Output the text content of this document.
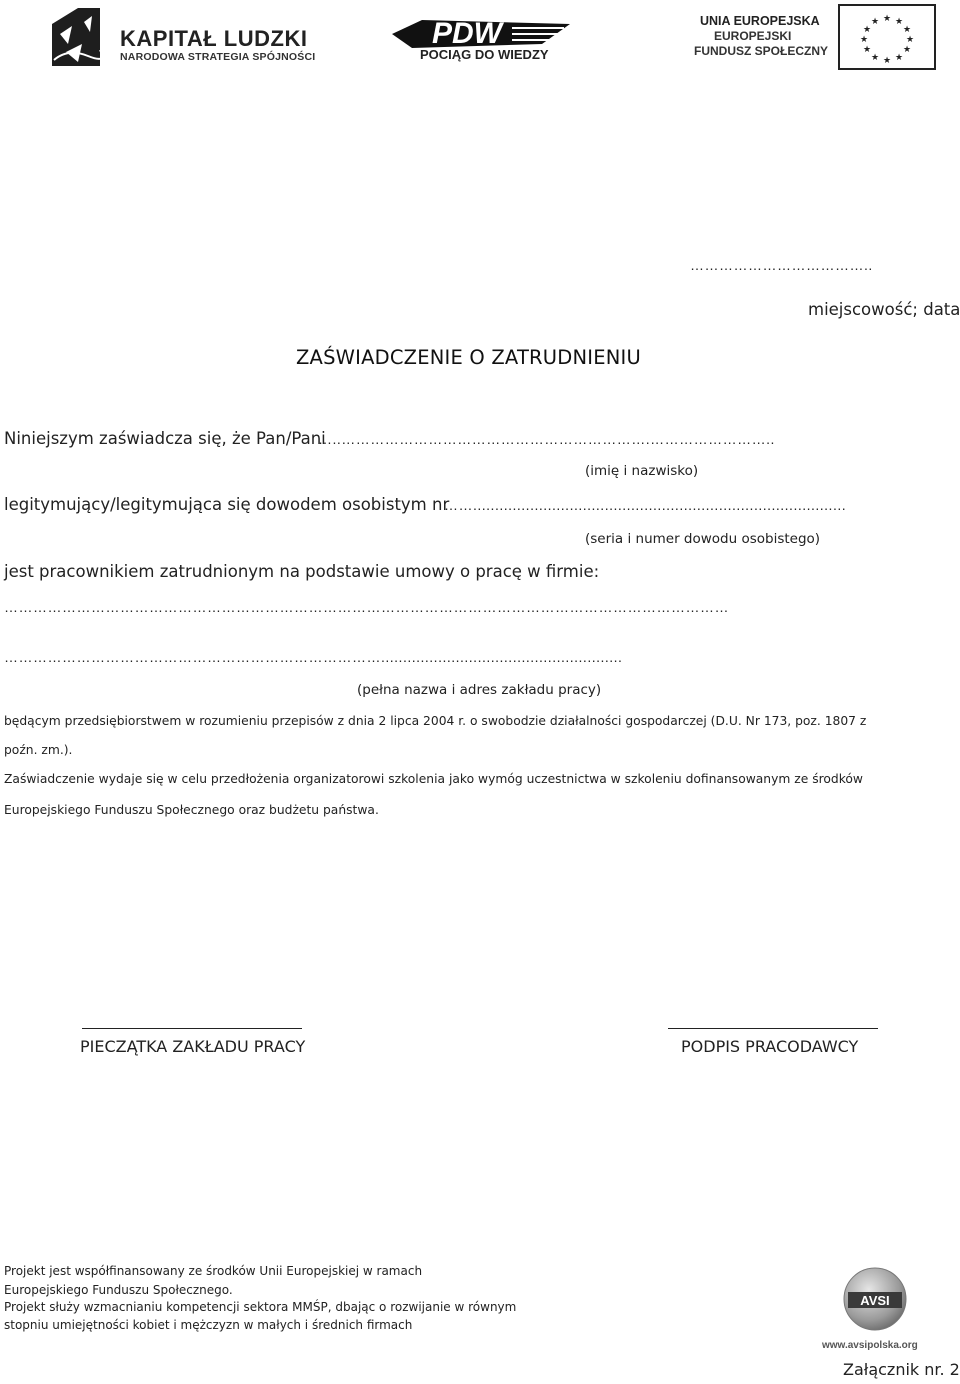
KAPITAŁ LUDZKI
NARODOWA STRATEGIA SPÓJNOŚCI
PDW
POCIĄG DO WIEDZY
UNIA EUROPEJSKA
EUROPEJSKI
FUNDUSZ SPOŁECZNY
★ ★
★
★
★
★
★
★
★
★
★
★
………………………………..
miejscowość; data
ZAŚWIADCZENIE O ZATRUDNIENIU
Niniejszym zaświadcza się, że Pan/Pani
…..……………………………………………………….……………………..
(imię i nazwisko)
legitymujący/legitymująca się dowodem osobistym nr
…….....................................................................................
(seria i numer dowodu osobistego)
jest pracownikiem zatrudnionym na podstawie umowy o pracę w firmie:
……………………………………………………………………………………………………………………………………
…………………………………………………………………….......................................................
(pełna nazwa i adres zakładu pracy)
będącym przedsiębiorstwem w rozumieniu przepisów z dnia 2 lipca 2004 r. o swobodzie działalności gospodarczej (D.U. Nr 173, poz. 1807 z
poźn. zm.).
Zaświadczenie wydaje się w celu przedłożenia organizatorowi szkolenia jako wymóg uczestnictwa w szkoleniu dofinansowanym ze środków
Europejskiego Funduszu Społecznego oraz budżetu państwa.
PIECZĄTKA ZAKŁADU PRACY	PODPIS PRACODAWCY
Projekt jest współfinansowany ze środków Unii Europejskiej w ramach
Europejskiego Funduszu Społecznego.
Projekt służy wzmacnianiu kompetencji sektora MMŚP, dbając o rozwijanie w równym
stopniu umiejętności kobiet i mężczyzn w małych i średnich firmach
AVSI
www.avsipolska.org
Załącznik nr. 2
